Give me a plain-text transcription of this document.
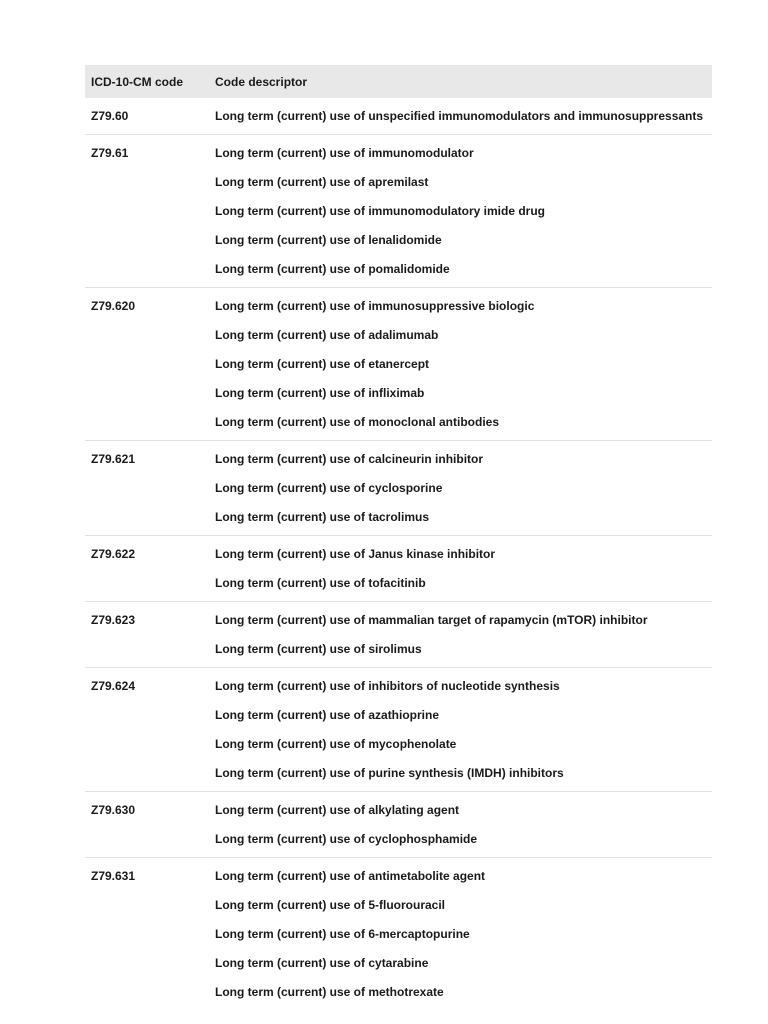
ICD-10-CM code	Code descriptor
Z79.60	Long term (current) use of unspecified immunomodulators and immunosuppressants
Z79.61	Long term (current) use of immunomodulator
Long term (current) use of apremilast
Long term (current) use of immunomodulatory imide drug
Long term (current) use of lenalidomide
Long term (current) use of pomalidomide
Z79.620	Long term (current) use of immunosuppressive biologic
Long term (current) use of adalimumab
Long term (current) use of etanercept
Long term (current) use of infliximab
Long term (current) use of monoclonal antibodies
Z79.621	Long term (current) use of calcineurin inhibitor
Long term (current) use of cyclosporine
Long term (current) use of tacrolimus
Z79.622	Long term (current) use of Janus kinase inhibitor
Long term (current) use of tofacitinib
Z79.623	Long term (current) use of mammalian target of rapamycin (mTOR) inhibitor
Long term (current) use of sirolimus
Z79.624	Long term (current) use of inhibitors of nucleotide synthesis
Long term (current) use of azathioprine
Long term (current) use of mycophenolate
Long term (current) use of purine synthesis (IMDH) inhibitors
Z79.630	Long term (current) use of alkylating agent
Long term (current) use of cyclophosphamide
Z79.631	Long term (current) use of antimetabolite agent
Long term (current) use of 5-fluorouracil
Long term (current) use of 6-mercaptopurine
Long term (current) use of cytarabine
Long term (current) use of methotrexate
